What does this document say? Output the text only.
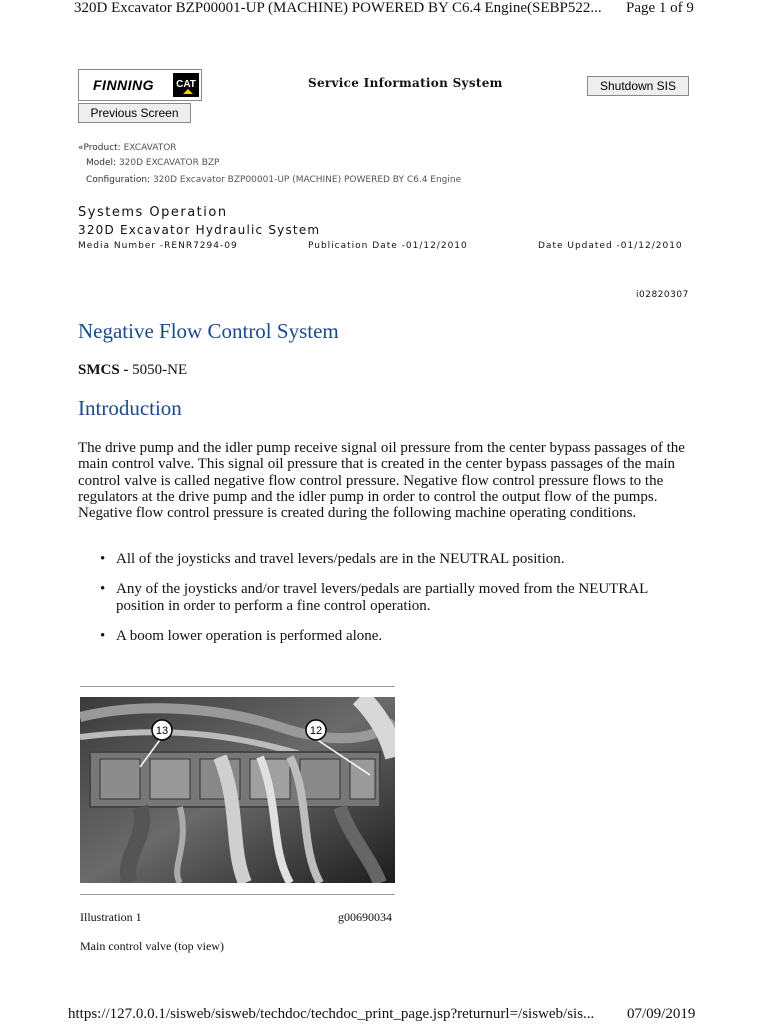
320D Excavator BZP00001-UP (MACHINE) POWERED BY C6.4 Engine(SEBP522... Page 1 of 9
FINNING	CAT	Service Information System	Shutdown SIS
Previous Screen
«Product: EXCAVATOR
Model: 320D EXCAVATOR BZP
Configuration: 320D Excavator BZP00001-UP (MACHINE) POWERED BY C6.4 Engine
Systems Operation
320D Excavator Hydraulic System
Media Number -RENR7294-09	Publication Date -01/12/2010	Date Updated -01/12/2010
i02820307
Negative Flow Control System
SMCS - 5050-NE
Introduction
The drive pump and the idler pump receive signal oil pressure from the center bypass passages of the main control valve. This signal oil pressure that is created in the center bypass passages of the main control valve is called negative flow control pressure. Negative flow control pressure flows to the regulators at the drive pump and the idler pump in order to control the output flow of the pumps. Negative flow control pressure is created during the following machine operating conditions.
• All of the joysticks and travel levers/pedals are in the NEUTRAL position.
• Any of the joysticks and/or travel levers/pedals are partially moved from the NEUTRAL position in order to perform a fine control operation.
• A boom lower operation is performed alone.
13	12
Illustration 1	g00690034
Main control valve (top view)
https://127.0.0.1/sisweb/sisweb/techdoc/techdoc_print_page.jsp?returnurl=/sisweb/sis... 07/09/2019
